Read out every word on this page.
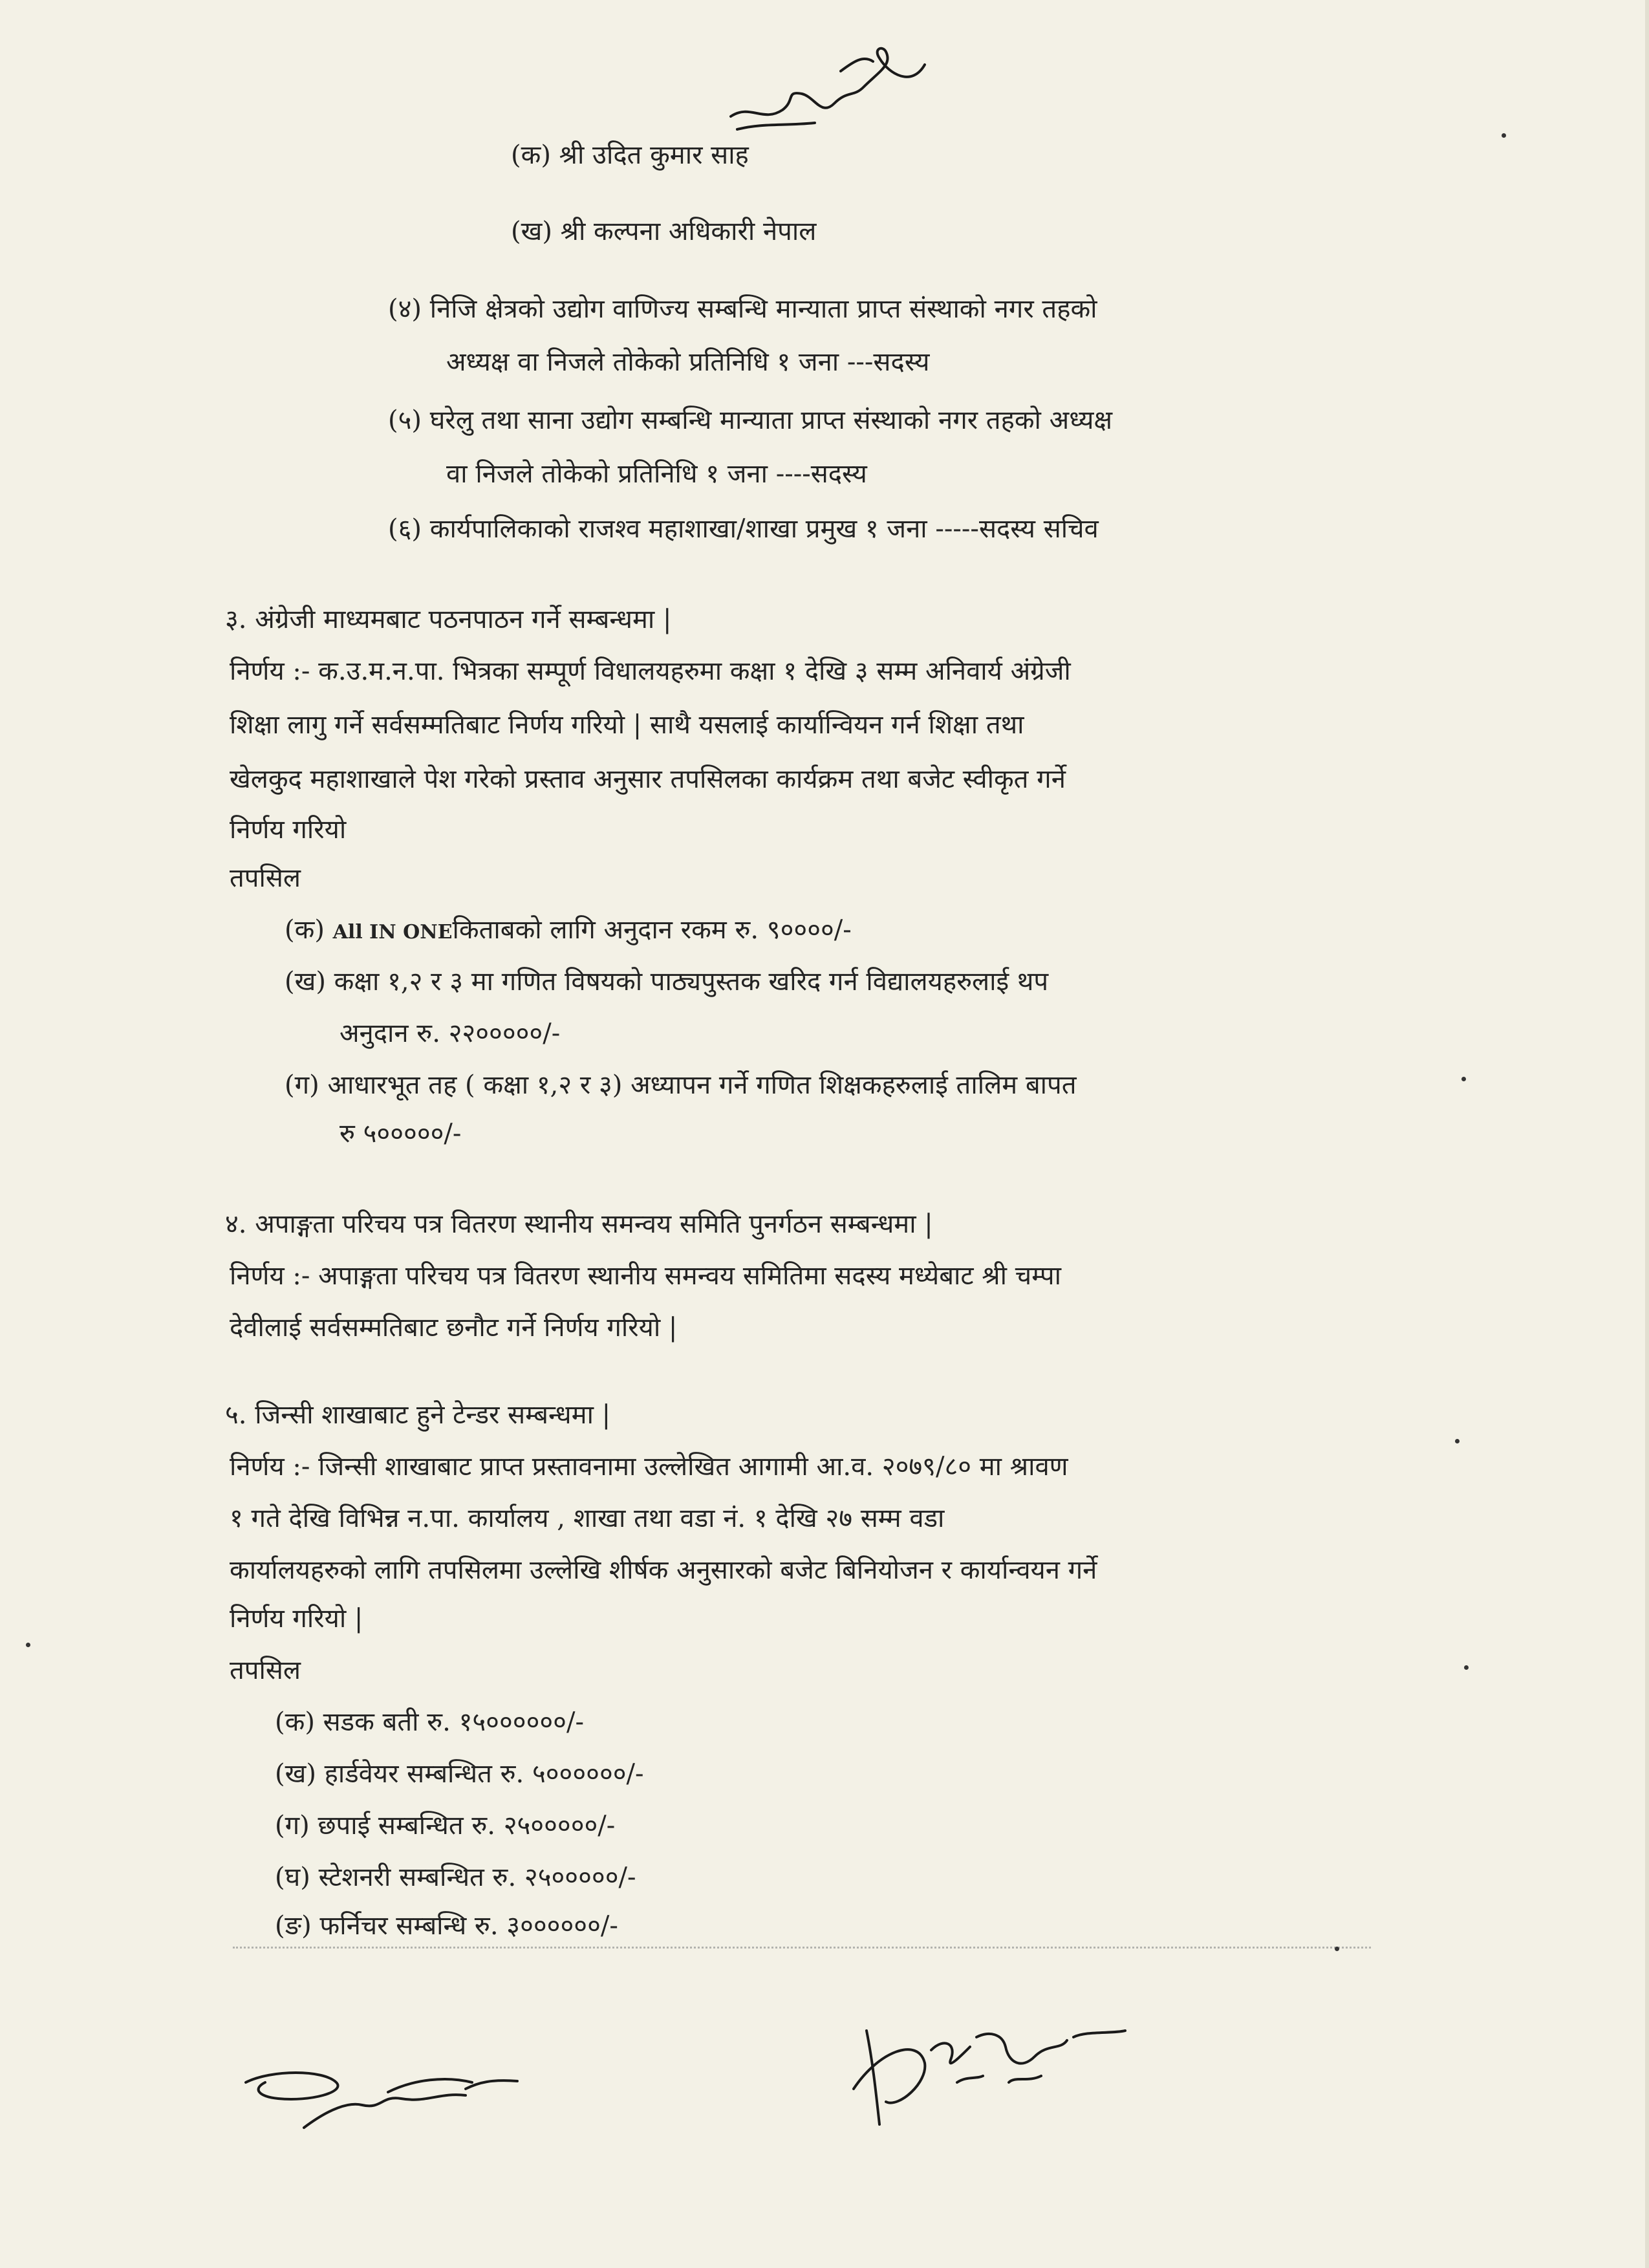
(क) श्री उदित कुमार साह
(ख) श्री कल्पना अधिकारी नेपाल
(४) निजि क्षेत्रको उद्योग वाणिज्य सम्बन्धि मान्याता प्राप्त संस्थाको नगर तहको
अध्यक्ष वा निजले तोकेको प्रतिनिधि १ जना ---सदस्य
(५) घरेलु तथा साना उद्योग सम्बन्धि मान्याता प्राप्त संस्थाको नगर तहको अध्यक्ष
वा निजले तोकेको प्रतिनिधि १ जना ----सदस्य
(६) कार्यपालिकाको राजश्व महाशाखा/शाखा प्रमुख १ जना -----सदस्य सचिव
३. अंग्रेजी माध्यमबाट पठनपाठन गर्ने सम्बन्धमा |
निर्णय :- क.उ.म.न.पा. भित्रका सम्पूर्ण विधालयहरुमा कक्षा १ देखि ३ सम्म अनिवार्य अंग्रेजी
शिक्षा लागु गर्ने सर्वसम्मतिबाट निर्णय गरियो | साथै यसलाई कार्यान्वियन गर्न शिक्षा तथा
खेलकुद महाशाखाले पेश गरेको प्रस्ताव अनुसार तपसिलका कार्यक्रम तथा बजेट स्वीकृत गर्ने
निर्णय गरियो
तपसिल
(क) All IN ONEकिताबको लागि अनुदान रकम रु. ९००००/-
(ख) कक्षा १,२ र ३ मा गणित विषयको पाठ्यपुस्तक खरिद गर्न विद्यालयहरुलाई थप
अनुदान रु. २२०००००/-
(ग) आधारभूत तह ( कक्षा १,२ र ३) अध्यापन गर्ने गणित शिक्षकहरुलाई तालिम बापत
रु ५०००००/-
४. अपाङ्गता परिचय पत्र वितरण स्थानीय समन्वय समिति पुनर्गठन सम्बन्धमा |
निर्णय :- अपाङ्गता परिचय पत्र वितरण स्थानीय समन्वय समितिमा सदस्य मध्येबाट श्री चम्पा
देवीलाई सर्वसम्मतिबाट छनौट गर्ने निर्णय गरियो |
५. जिन्सी शाखाबाट हुने टेन्डर सम्बन्धमा |
निर्णय :- जिन्सी शाखाबाट प्राप्त प्रस्तावनामा उल्लेखित आगामी आ.व. २०७९/८० मा श्रावण
१ गते देखि विभिन्न न.पा. कार्यालय , शाखा तथा वडा नं. १ देखि २७ सम्म वडा
कार्यालयहरुको लागि तपसिलमा उल्लेखि शीर्षक अनुसारको बजेट बिनियोजन र कार्यान्वयन गर्ने
निर्णय गरियो |
तपसिल
(क) सडक बती रु. १५००००००/-
(ख) हार्डवेयर सम्बन्धित रु. ५००००००/-
(ग) छपाई सम्बन्धित रु. २५०००००/-
(घ) स्टेशनरी सम्बन्धित रु. २५०००००/-
(ङ) फर्निचर सम्बन्धि रु. ३००००००/-
